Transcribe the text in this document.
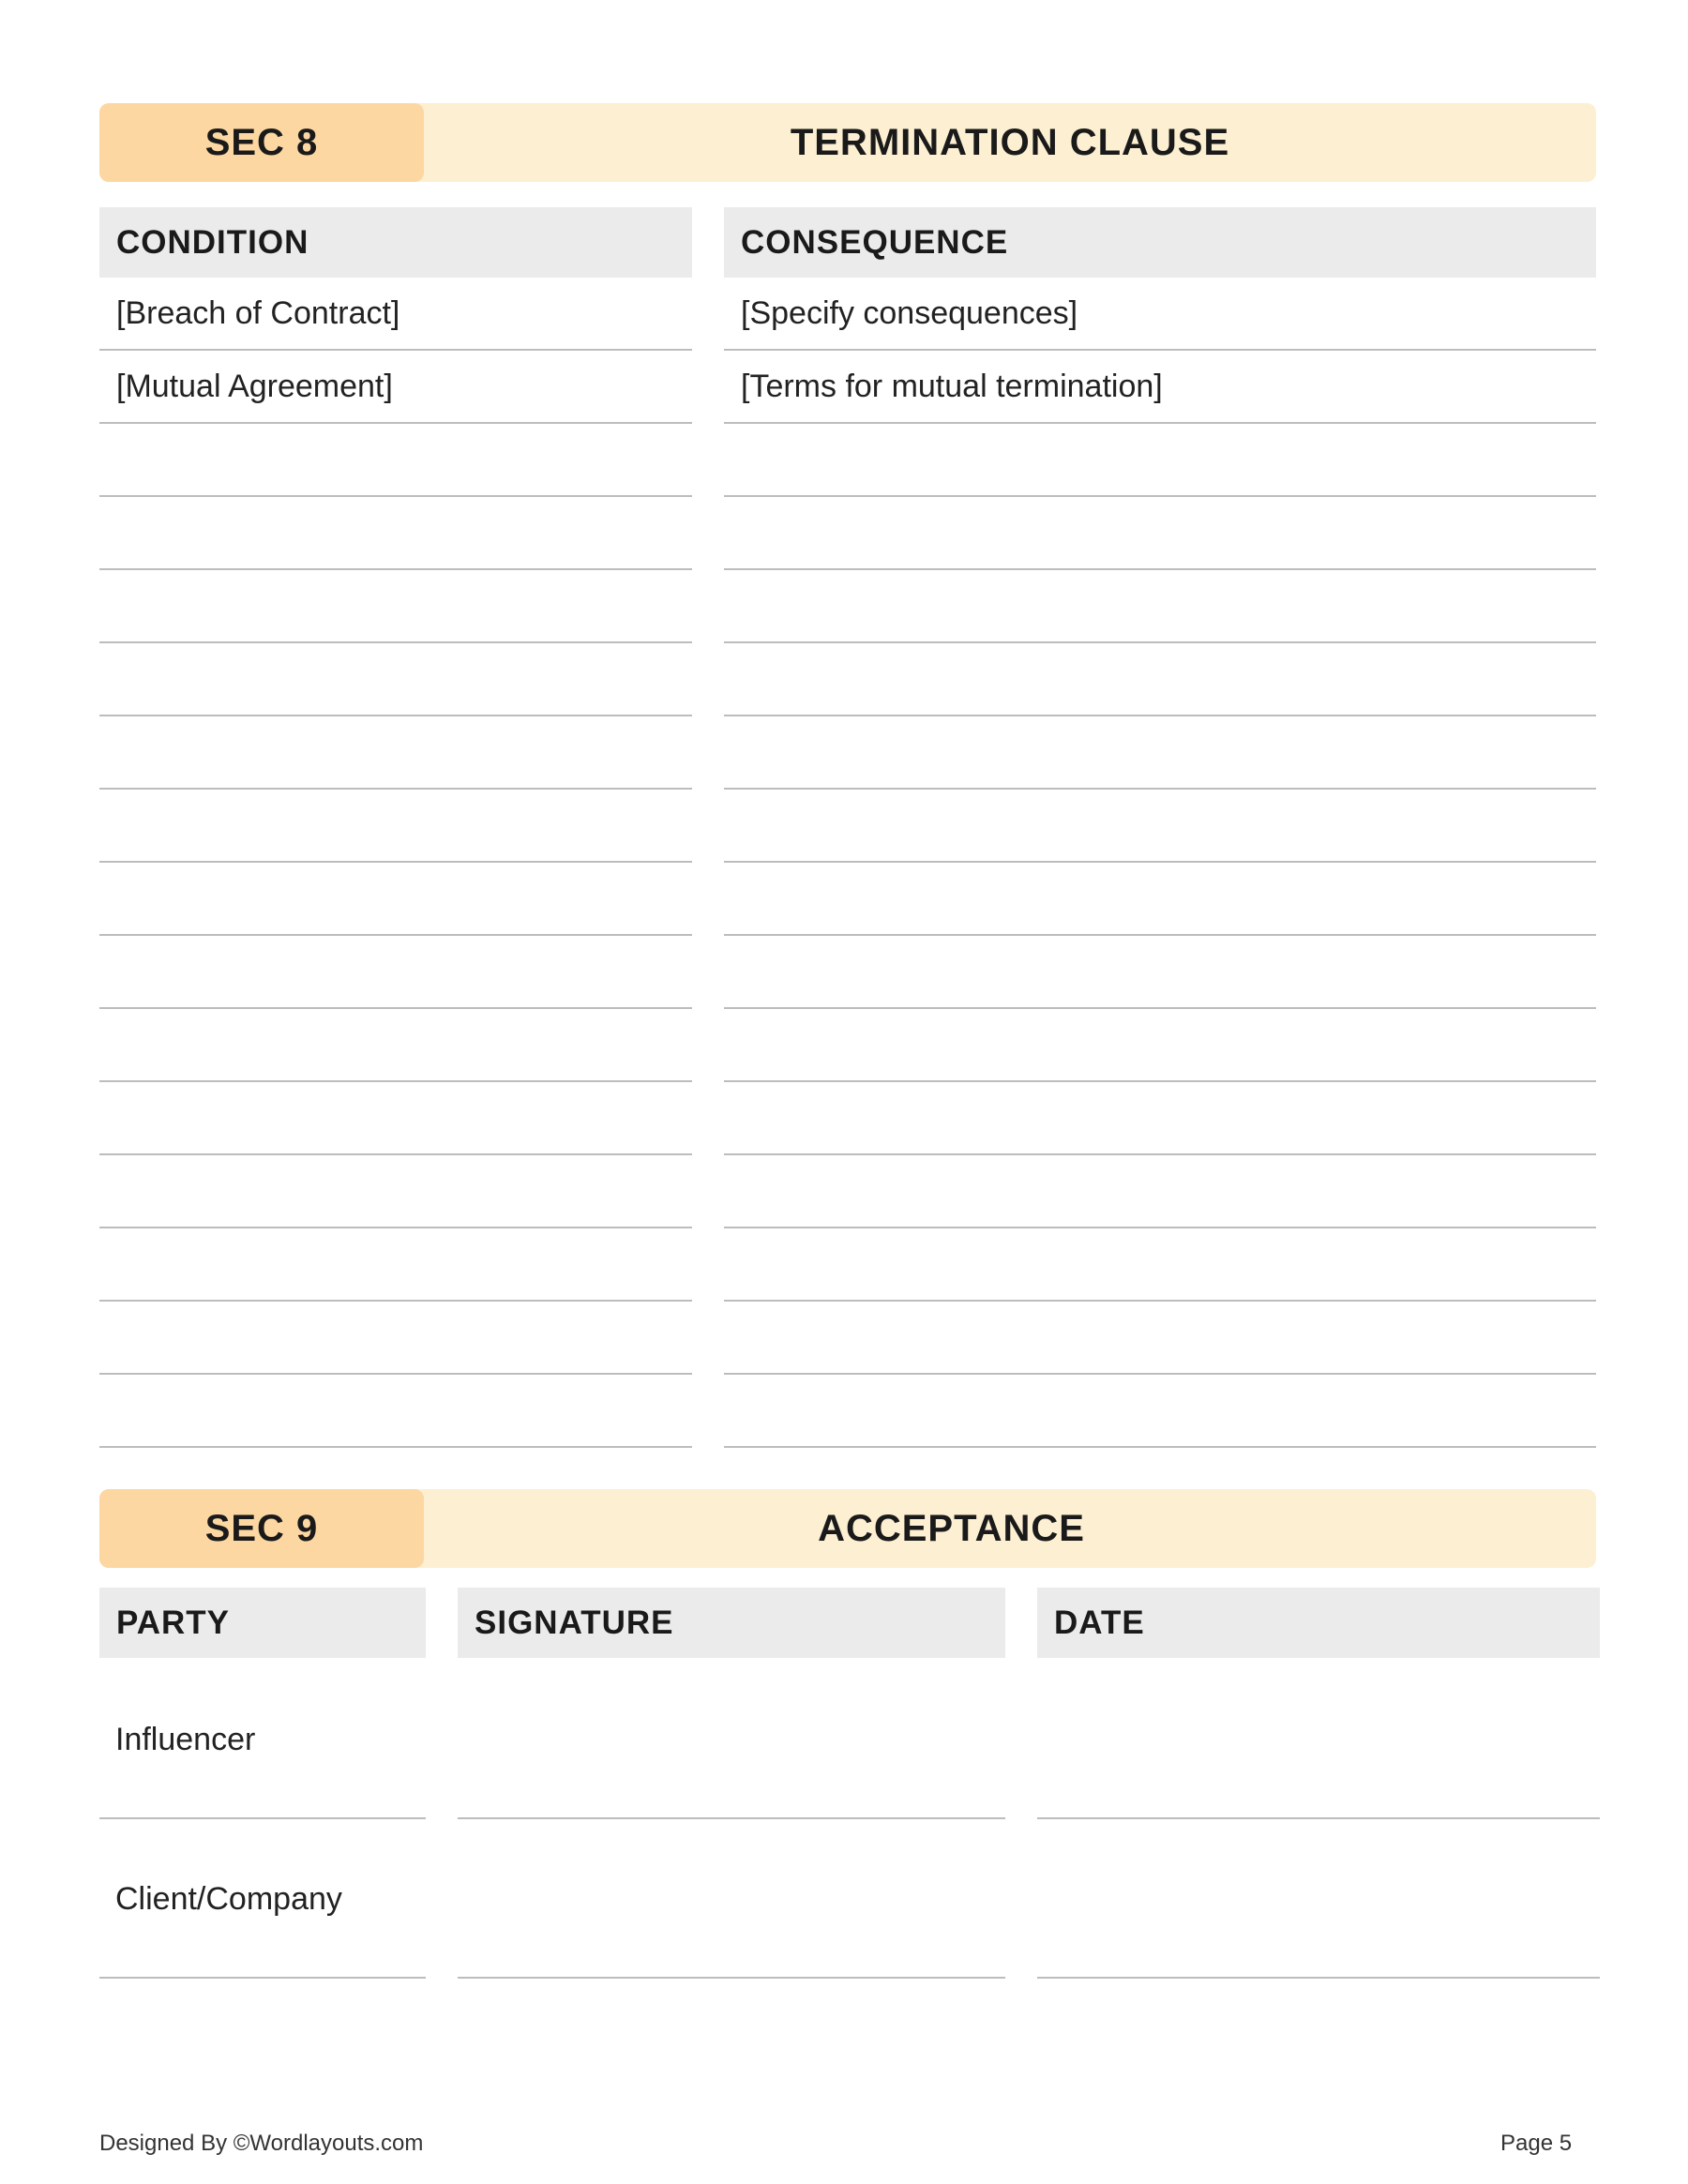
SEC 8	TERMINATION CLAUSE
CONDITION	CONSEQUENCE
[Breach of Contract]	[Specify consequences]
[Mutual Agreement]	[Terms for mutual termination]
SEC 9	ACCEPTANCE
PARTY	SIGNATURE	DATE
Influencer
Client/Company
Designed By ©Wordlayouts.com	Page 5
